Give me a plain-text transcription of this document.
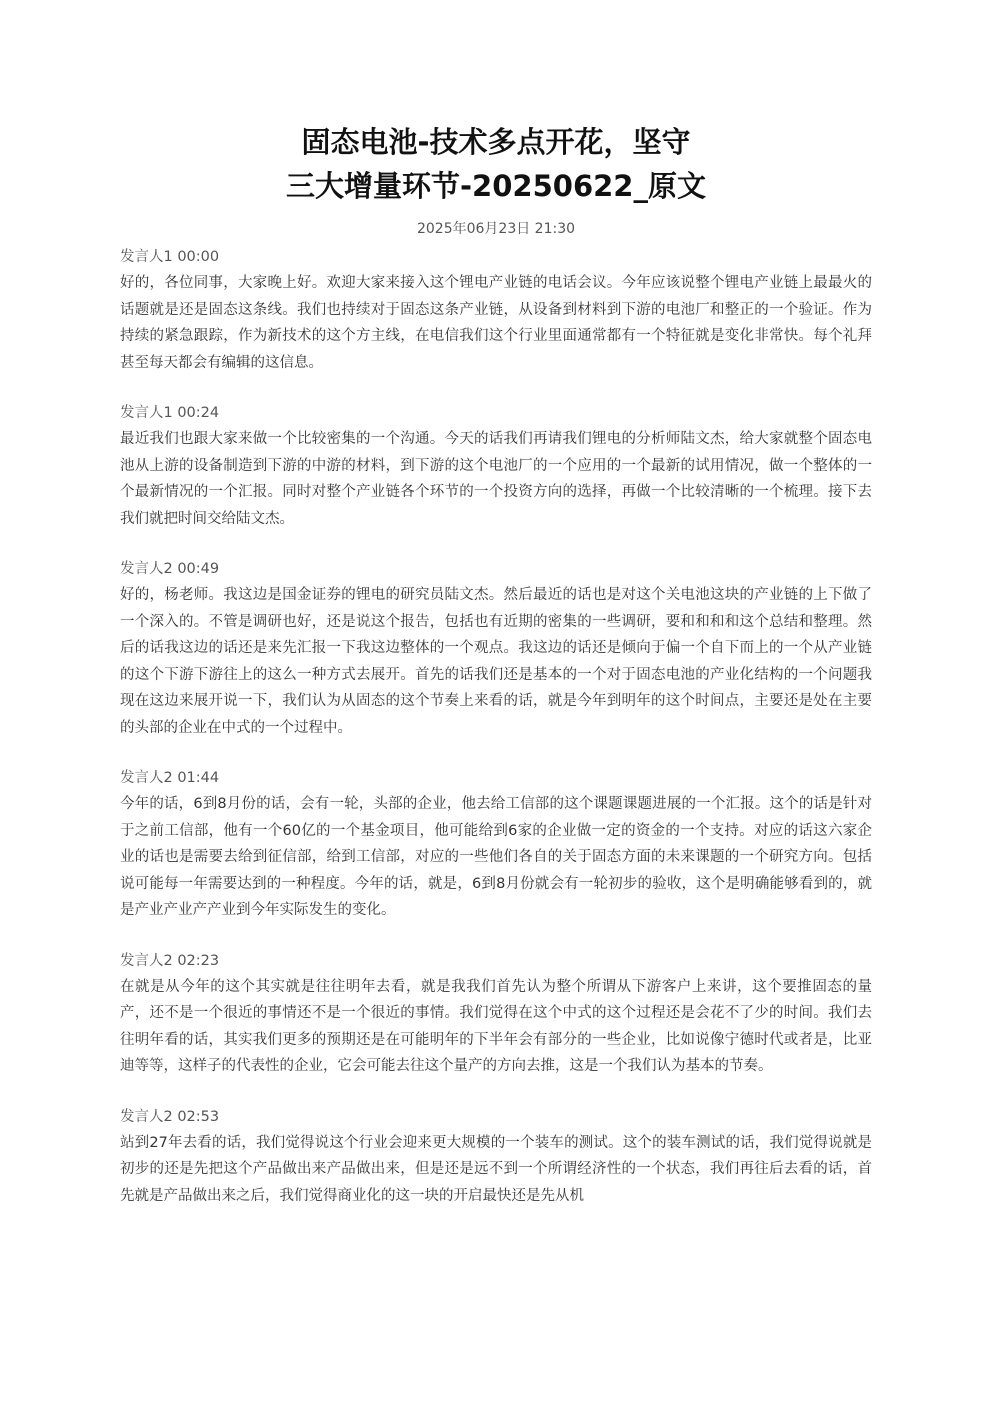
固态电池-技术多点开花，坚守
三大增量环节-20250622_原文
2025年06月23日 21:30

发言人1 00:00

好的，各位同事，大家晚上好。欢迎大家来接入这个锂电产业链的电话会议。今年应该说整个锂电产业链上最最火的话题就是还是固态这条线。我们也持续对于固态这条产业链，从设备到材料到下游的电池厂和整正的一个验证。作为持续的紧急跟踪，作为新技术的这个方主线，在电信我们这个行业里面通常都有一个特征就是变化非常快。每个礼拜甚至每天都会有编辑的这信息。

发言人1 00:24

最近我们也跟大家来做一个比较密集的一个沟通。今天的话我们再请我们锂电的分析师陆文杰，给大家就整个固态电池从上游的设备制造到下游的中游的材料，到下游的这个电池厂的一个应用的一个最新的试用情况，做一个整体的一个最新情况的一个汇报。同时对整个产业链各个环节的一个投资方向的选择，再做一个比较清晰的一个梳理。接下去我们就把时间交给陆文杰。

发言人2 00:49

好的，杨老师。我这边是国金证券的锂电的研究员陆文杰。然后最近的话也是对这个关电池这块的产业链的上下做了一个深入的。不管是调研也好，还是说这个报告，包括也有近期的密集的一些调研，要和和和和这个总结和整理。然后的话我这边的话还是来先汇报一下我这边整体的一个观点。我这边的话还是倾向于偏一个自下而上的一个从产业链的这个下游下游往上的这么一种方式去展开。首先的话我们还是基本的一个对于固态电池的产业化结构的一个问题我现在这边来展开说一下，我们认为从固态的这个节奏上来看的话，就是今年到明年的这个时间点，主要还是处在主要的头部的企业在中式的一个过程中。

发言人2 01:44

今年的话，6到8月份的话，会有一轮，头部的企业，他去给工信部的这个课题课题进展的一个汇报。这个的话是针对于之前工信部，他有一个60亿的一个基金项目，他可能给到6家的企业做一定的资金的一个支持。对应的话这六家企业的话也是需要去给到征信部，给到工信部，对应的一些他们各自的关于固态方面的未来课题的一个研究方向。包括说可能每一年需要达到的一种程度。今年的话，就是，6到8月份就会有一轮初步的验收，这个是明确能够看到的，就是产业产业产产业到今年实际发生的变化。

发言人2 02:23

在就是从今年的这个其实就是往往明年去看，就是我我们首先认为整个所谓从下游客户上来讲，这个要推固态的量产，还不是一个很近的事情还不是一个很近的事情。我们觉得在这个中式的这个过程还是会花不了少的时间。我们去往明年看的话，其实我们更多的预期还是在可能明年的下半年会有部分的一些企业，比如说像宁德时代或者是，比亚迪等等，这样子的代表性的企业，它会可能去往这个量产的方向去推，这是一个我们认为基本的节奏。

发言人2 02:53

站到27年去看的话，我们觉得说这个行业会迎来更大规模的一个装车的测试。这个的装车测试的话，我们觉得说就是初步的还是先把这个产品做出来产品做出来，但是还是远不到一个所谓经济性的一个状态，我们再往后去看的话，首先就是产品做出来之后，我们觉得商业化的这一块的开启最快还是先从机
